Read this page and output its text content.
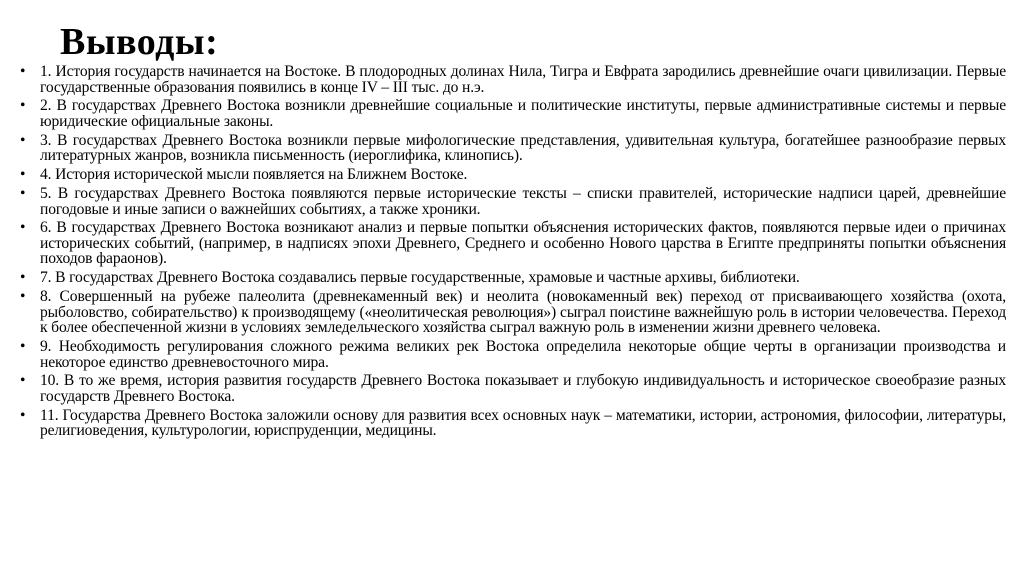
Выводы:
• 1. История государств начинается на Востоке. В плодородных долинах Нила, Тигра и Евфрата зародились древнейшие очаги цивилизации. Первые государственные образования появились в конце IV – III тыс. до н.э.
• 2. В государствах Древнего Востока возникли древнейшие социальные и политические институты, первые административные системы и первые юридические официальные законы.
• 3. В государствах Древнего Востока возникли первые мифологические представления, удивительная культура, богатейшее разнообразие первых литературных жанров, возникла письменность (иероглифика, клинопись).
• 4. История исторической мысли появляется на Ближнем Востоке.
• 5. В государствах Древнего Востока появляются первые исторические тексты – списки правителей, исторические надписи царей, древнейшие погодовые и иные записи о важнейших событиях, а также хроники.
• 6. В государствах Древнего Востока возникают анализ и первые попытки объяснения исторических фактов, появляются первые идеи о причинах исторических событий, (например, в надписях эпохи Древнего, Среднего и особенно Нового царства в Египте предприняты попытки объяснения походов фараонов).
• 7. В государствах Древнего Востока создавались первые государственные, храмовые и частные архивы, библиотеки.
• 8. Совершенный на рубеже палеолита (древнекаменный век) и неолита (новокаменный век) переход от присваивающего хозяйства (охота, рыболовство, собирательство) к производящему («неолитическая революция») сыграл поистине важнейшую роль в истории человечества. Переход к более обеспеченной жизни в условиях земледельческого хозяйства сыграл важную роль в изменении жизни древнего человека.
• 9. Необходимость регулирования сложного режима великих рек Востока определила некоторые общие черты в организации производства и некоторое единство древневосточного мира.
• 10. В то же время, история развития государств Древнего Востока показывает и глубокую индивидуальность и историческое своеобразие разных государств Древнего Востока.
• 11. Государства Древнего Востока заложили основу для развития всех основных наук – математики, истории, астрономия, философии, литературы, религиоведения, культурологии, юриспруденции, медицины.
